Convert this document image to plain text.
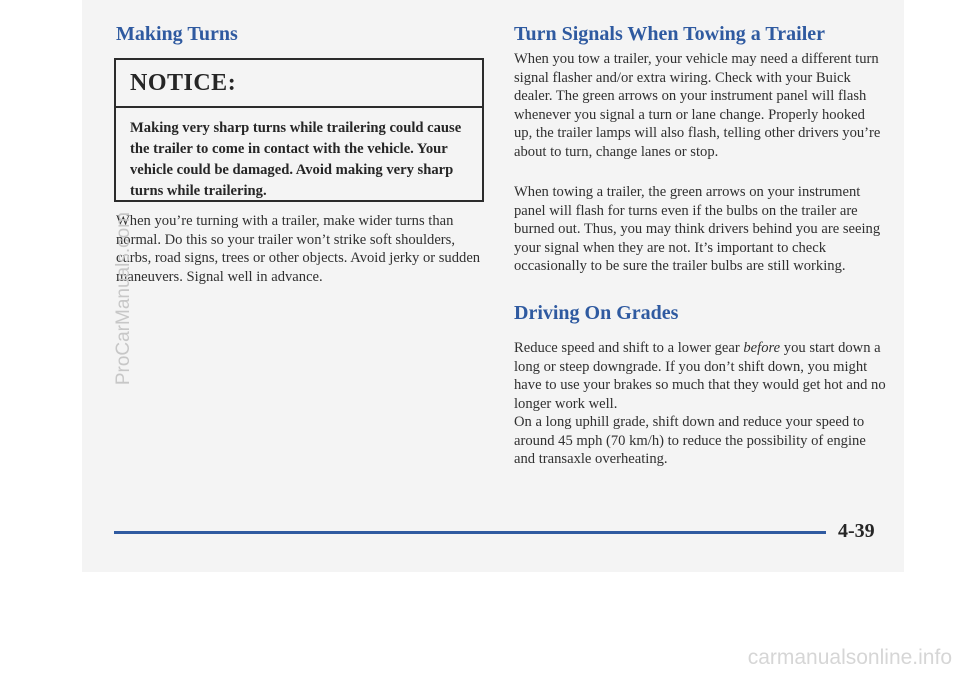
Making Turns
NOTICE:
Making very sharp turns while trailering could cause the trailer to come in contact with the vehicle. Your vehicle could be damaged. Avoid making very sharp turns while trailering.

When you’re turning with a trailer, make wider turns than normal. Do this so your trailer won’t strike soft shoulders, curbs, road signs, trees or other objects. Avoid jerky or sudden maneuvers. Signal well in advance.

Turn Signals When Towing a Trailer

When you tow a trailer, your vehicle may need a different turn signal flasher and/or extra wiring. Check with your Buick dealer. The green arrows on your instrument panel will flash whenever you signal a turn or lane change. Properly hooked up, the trailer lamps will also flash, telling other drivers you’re about to turn, change lanes or stop.

When towing a trailer, the green arrows on your instrument panel will flash for turns even if the bulbs on the trailer are burned out. Thus, you may think drivers behind you are seeing your signal when they are not. It’s important to check occasionally to be sure the trailer bulbs are still working.

Driving On Grades

Reduce speed and shift to a lower gear before you start down a long or steep downgrade. If you don’t shift down, you might have to use your brakes so much that they would get hot and no longer work well.

On a long uphill grade, shift down and reduce your speed to around 45 mph (70 km/h) to reduce the possibility of engine and transaxle overheating.

4-39
ProCarManuals.com
carmanualsonline.info
